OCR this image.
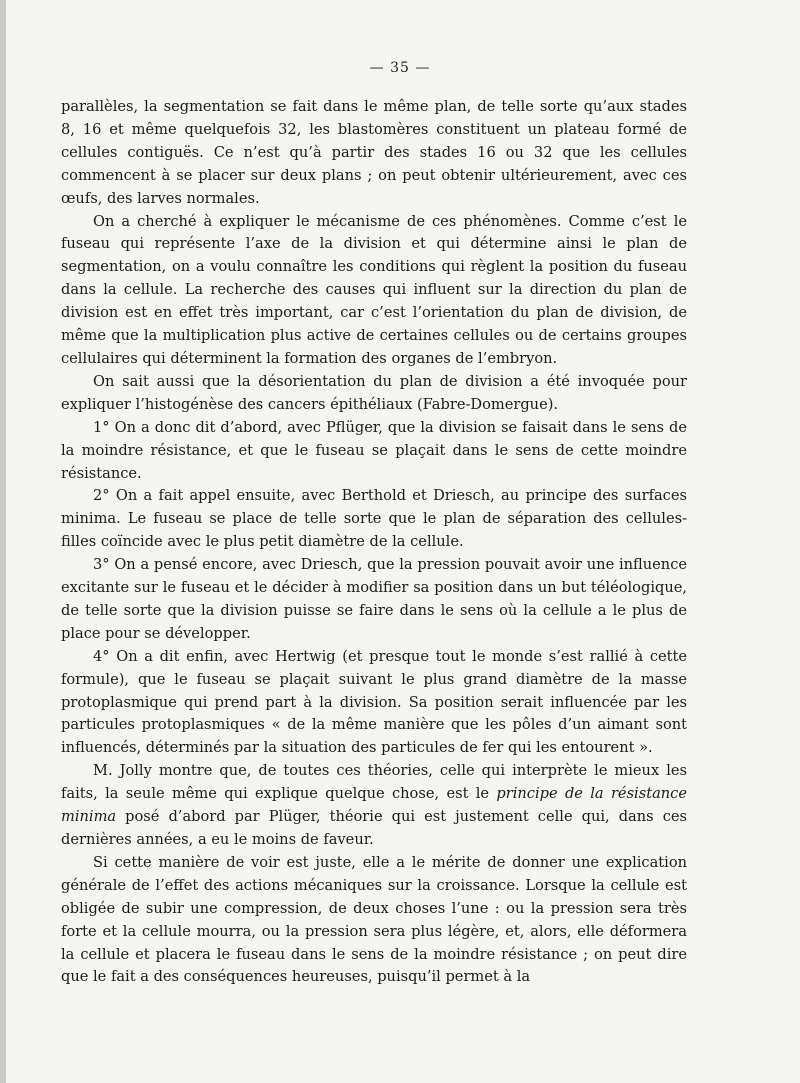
— 35 —

parallèles, la segmentation se fait dans le même plan, de telle sorte qu’aux stades 8, 16 et même quelquefois 32, les blastomères constituent un plateau formé de cellules contiguës. Ce n’est qu’à partir des stades 16 ou 32 que les cellules commencent à se placer sur deux plans ; on peut obtenir ultérieurement, avec ces œufs, des larves normales.

On a cherché à expliquer le mécanisme de ces phénomènes. Comme c’est le fuseau qui représente l’axe de la division et qui détermine ainsi le plan de segmentation, on a voulu connaître les conditions qui règlent la position du fuseau dans la cellule. La recherche des causes qui influent sur la direction du plan de division est en effet très important, car c’est l’orientation du plan de division, de même que la multiplication plus active de certaines cellules ou de certains groupes cellulaires qui déterminent la formation des organes de l’embryon.

On sait aussi que la désorientation du plan de division a été invoquée pour expliquer l’histogénèse des cancers épithéliaux (Fabre-Domergue).

1° On a donc dit d’abord, avec Pflüger, que la division se faisait dans le sens de la moindre résistance, et que le fuseau se plaçait dans le sens de cette moindre résistance.

2° On a fait appel ensuite, avec Berthold et Driesch, au principe des surfaces minima. Le fuseau se place de telle sorte que le plan de séparation des cellules-filles coïncide avec le plus petit diamètre de la cellule.

3° On a pensé encore, avec Driesch, que la pression pouvait avoir une influence excitante sur le fuseau et le décider à modifier sa position dans un but téléologique, de telle sorte que la division puisse se faire dans le sens où la cellule a le plus de place pour se développer.

4° On a dit enfin, avec Hertwig (et presque tout le monde s’est rallié à cette formule), que le fuseau se plaçait suivant le plus grand diamètre de la masse protoplasmique qui prend part à la division. Sa position serait influencée par les particules protoplasmiques « de la même manière que les pôles d’un aimant sont influencés, déterminés par la situation des particules de fer qui les entourent ».

M. Jolly montre que, de toutes ces théories, celle qui interprète le mieux les faits, la seule même qui explique quelque chose, est le principe de la résistance minima posé d’abord par Plüger, théorie qui est justement celle qui, dans ces dernières années, a eu le moins de faveur.

Si cette manière de voir est juste, elle a le mérite de donner une explication générale de l’effet des actions mécaniques sur la croissance. Lorsque la cellule est obligée de subir une compression, de deux choses l’une : ou la pression sera très forte et la cellule mourra, ou la pression sera plus légère, et, alors, elle déformera la cellule et placera le fuseau dans le sens de la moindre résistance ; on peut dire que le fait a des conséquences heureuses, puisqu’il permet à la
